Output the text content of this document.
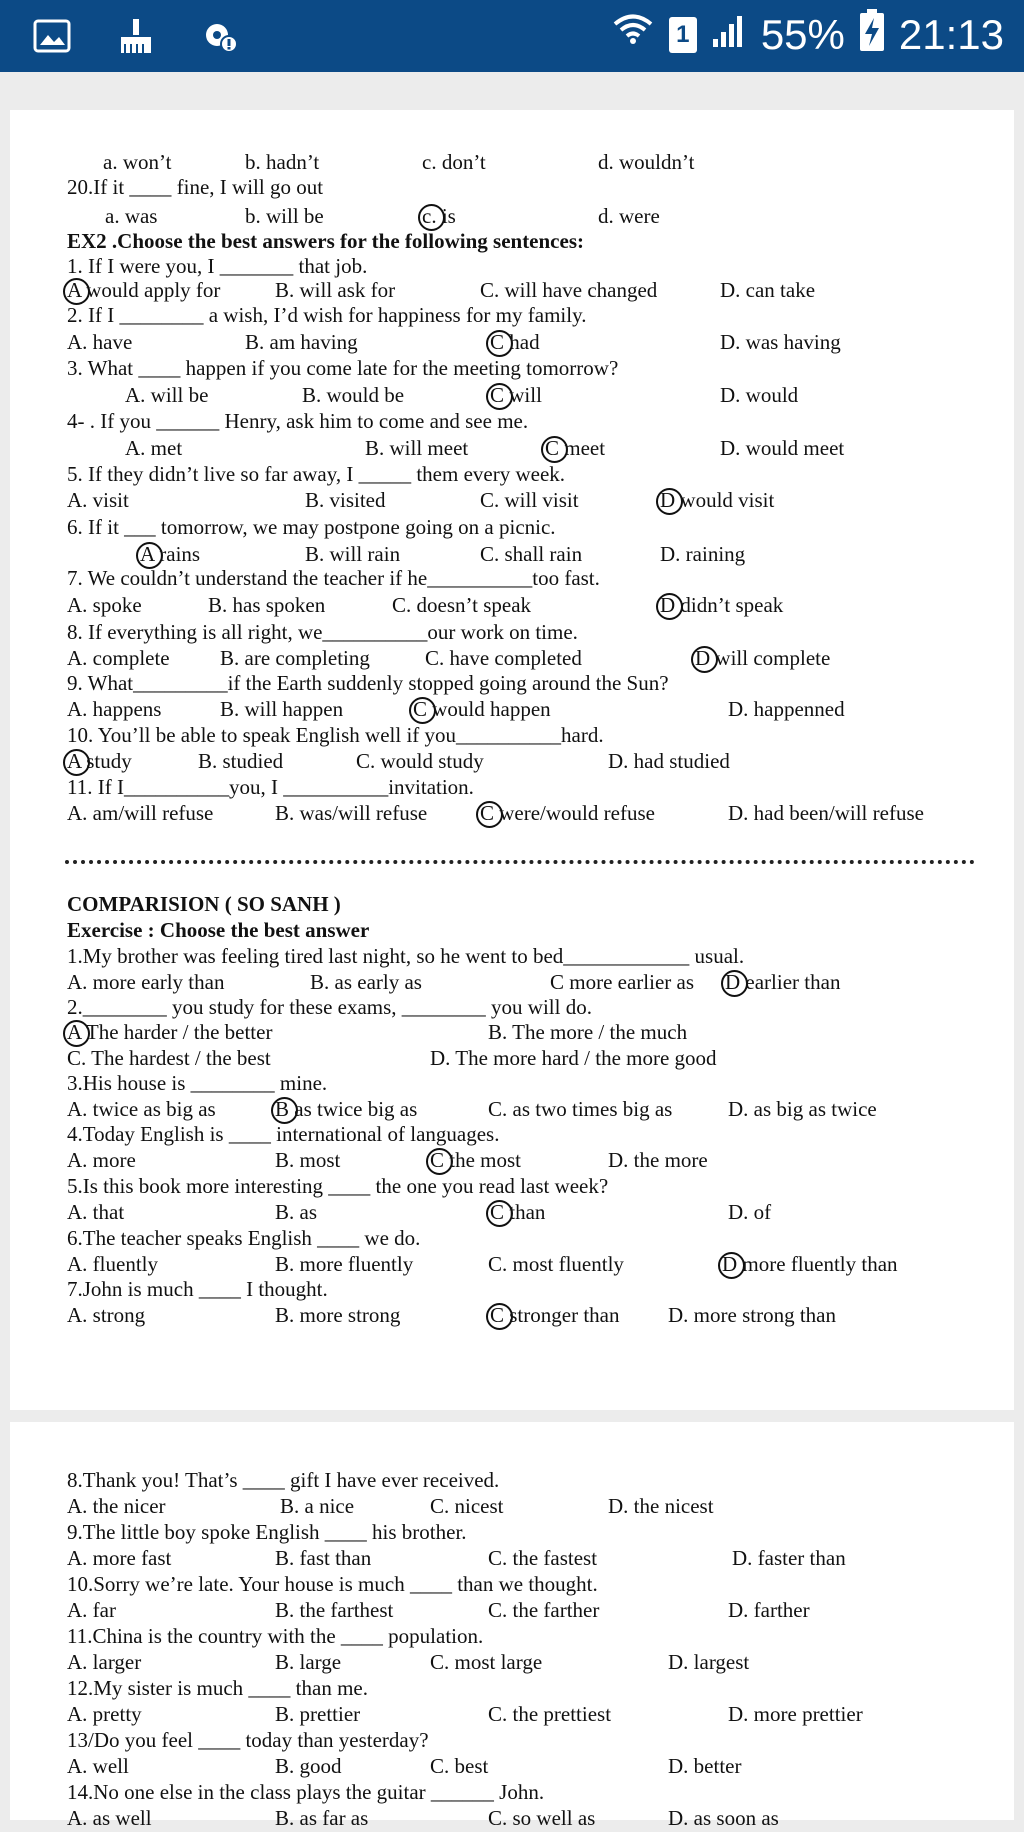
1 55% 21:13
a. won’t	b. hadn’t	c. don’t	d. wouldn’t
20.If it ____ fine, I will go out
a. was	b. will be	c. is	d. were
EX2 .Choose the best answers for the following sentences:
1. If I were you, I _______ that job.
A would apply for	B. will ask for	C. will have changed	D. can take
2. If I ________ a wish, I’d wish for happiness for my family.
A. have	B. am having	C had	D. was having
3. What ____ happen if you come late for the meeting tomorrow?
A. will be	B. would be	C will	D. would
4- . If you ______ Henry, ask him to come and see me.
A. met	B. will meet	C meet	D. would meet
5. If they didn’t live so far away, I _____ them every week.
A. visit	B. visited	C. will visit	D would visit
6. If it ___ tomorrow, we may postpone going on a picnic.
A rains	B. will rain	C. shall rain	D. raining
7. We couldn’t understand the teacher if he__________too fast.
A. spoke	B. has spoken	C. doesn’t speak	D didn’t speak
8. If everything is all right, we__________our work on time.
A. complete B. are completing	C. have completed	D will complete
9. What_________if the Earth suddenly stopped going around the Sun?
A. happens	B. will happen	C would happen	D. happenned
10. You’ll be able to speak English well if you__________hard.
A study	B. studied	C. would study	D. had studied
11. If I__________you, I __________invitation.
A. am/will refuse	B. was/will refuse	C were/would refuse	D. had been/will refuse
COMPARISION ( SO SANH )
Exercise : Choose the best answer
1.My brother was feeling tired last night, so he went to bed____________ usual.
A. more early than	B. as early as	C more earlier as D earlier than
2.________ you study for these exams, ________ you will do.
A The harder / the better	B. The more / the much
C. The hardest / the best	D. The more hard / the more good
3.His house is ________ mine.
A. twice as big as	B as twice big as	C. as two times big as	D. as big as twice
4.Today English is ____ international of languages.
A. more	B. most	C the most	D. the more
5.Is this book more interesting ____ the one you read last week?
A. that	B. as	C than	D. of
6.The teacher speaks English ____ we do.
A. fluently	B. more fluently	C. most fluently	D more fluently than
7.John is much ____ I thought.
A. strong	B. more strong	C stronger than D. more strong than
8.Thank you! That’s ____ gift I have ever received.
A. the nicer	B. a nice	C. nicest	D. the nicest
9.The little boy spoke English ____ his brother.
A. more fast	B. fast than	C. the fastest	D. faster than
10.Sorry we’re late. Your house is much ____ than we thought.
A. far	B. the farthest	C. the farther	D. farther
11.China is the country with the ____ population.
A. larger	B. large	C. most large	D. largest
12.My sister is much ____ than me.
A. pretty	B. prettier	C. the prettiest	D. more prettier
13/Do you feel ____ today than yesterday?
A. well	B. good	C. best	D. better
14.No one else in the class plays the guitar ______ John.
A. as well	B. as far as	C. so well as	D. as soon as
